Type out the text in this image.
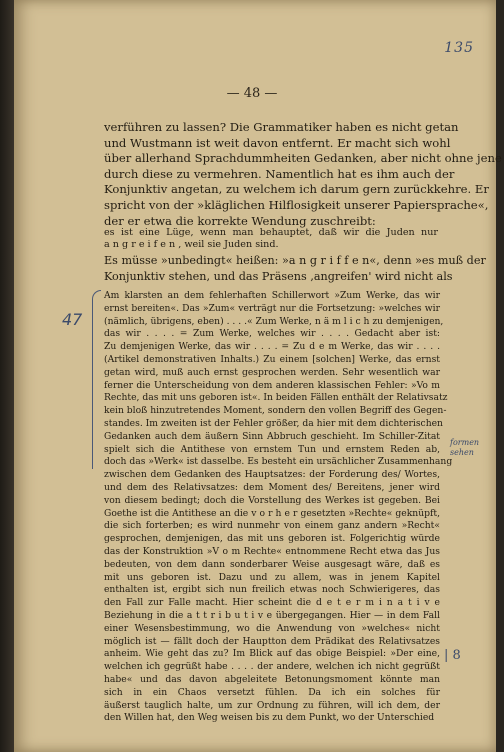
135
— 48 —
verführen zu lassen? Die Grammatiker haben es nicht getan
und Wustmann ist weit davon entfernt. Er macht sich wohl
über allerhand Sprachdummheiten Gedanken, aber nicht ohne jene
durch diese zu vermehren. Namentlich hat es ihm auch der
Konjunktiv angetan, zu welchem ich darum gern zurückkehre. Er
spricht von der »kläglichen Hilflosigkeit unserer Papiersprache«,
der er etwa die korrekte Wendung zuschreibt:
es ist eine Lüge, wenn man behauptet, daß wir die Juden nur
a n g r e i f e n , weil sie Juden sind.
Es müsse »unbedingt« heißen: »a n g r i f f e n«, denn »es muß der
Konjunktiv stehen, und das Präsens ‚angreifen' wird nicht als
Am klarsten an dem fehlerhaften Schillerwort »Zum Werke, das wir
ernst bereiten«. Das »Zum« verträgt nur die Fortsetzung: »welches wir
(nämlich, übrigens, eben) . . . .« Zum Werke, n ä m l i c h zu demjenigen,
das wir . . . . = Zum Werke, welches wir . . . . Gedacht aber ist:
Zu demjenigen Werke, das wir . . . . = Zu d e m Werke, das wir . . . .
(Artikel demonstrativen Inhalts.) Zu einem [solchen] Werke, das ernst
getan wird, muß auch ernst gesprochen werden. Sehr wesentlich war
ferner die Unterscheidung von dem anderen klassischen Fehler: »Vo m
Rechte, das mit uns geboren ist«. In beiden Fällen enthält der Relativsatz
kein bloß hinzutretendes Moment, sondern den vollen Begriff des Gegen-
standes. Im zweiten ist der Fehler größer, da hier mit dem dichterischen
Gedanken auch dem äußern Sinn Abbruch geschieht. Im Schiller-Zitat
spielt sich die Antithese von ernstem Tun und ernstem Reden ab,
doch das »Werk« ist dasselbe. Es besteht ein ursächlicher Zusammenhang
zwischen dem Gedanken des Hauptsatzes: der Forderung des/ Wortes,
und dem des Relativsatzes: dem Moment des/ Bereitens, jener wird
von diesem bedingt; doch die Vorstellung des Werkes ist gegeben. Bei
Goethe ist die Antithese an die v o r h e r gesetzten »Rechte« geknüpft,
die sich forterben; es wird nunmehr von einem ganz andern »Recht«
gesprochen, demjenigen, das mit uns geboren ist. Folgerichtig würde
das der Konstruktion »V o m Rechte« entnommene Recht etwa das Jus
bedeuten, von dem dann sonderbarer Weise ausgesagt wäre, daß es
mit uns geboren ist. Dazu und zu allem, was in jenem Kapitel
enthalten ist, ergibt sich nun freilich etwas noch Schwierigeres, das
den Fall zur Falle macht. Hier scheint die d e t e r m i n a t i v e
Beziehung in die a t t r i b u t i v e übergegangen. Hier — in dem Fall
einer Wesensbestimmung, wo die Anwendung von »welches« nicht
möglich ist — fällt doch der Hauptton dem Prädikat des Relativsatzes
anheim. Wie geht das zu? Im Blick auf das obige Beispiel: »Der eine,
welchen ich gegrüßt habe . . . . der andere, welchen ich nicht gegrüßt
habe« und das davon abgeleitete Betonungsmoment könnte man
sich in ein Chaos versetzt fühlen. Da ich ein solches für
äußerst tauglich halte, um zur Ordnung zu führen, will ich dem, der
den Willen hat, den Weg weisen bis zu dem Punkt, wo der Unterschied
47
formen
sehen
| 8
